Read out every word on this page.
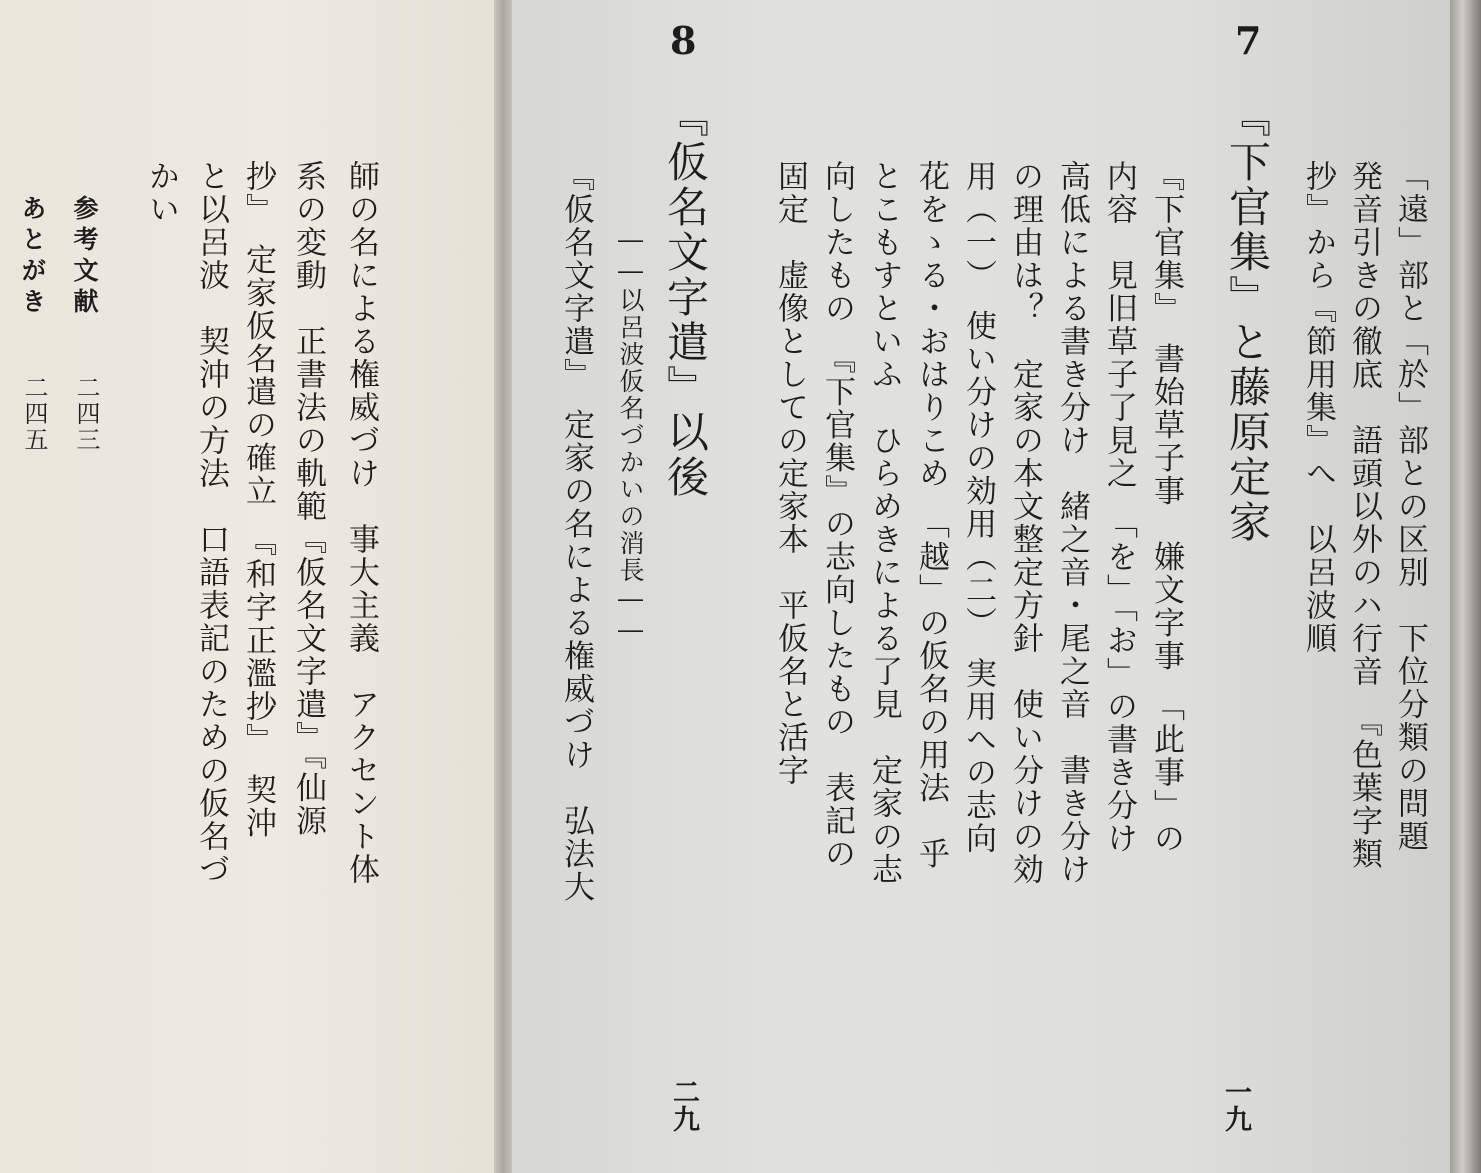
7
「遠」部と「於」部との区別　下位分類の問題
発音引きの徹底　語頭以外のハ行音　『色葉字類
抄』から『節用集』へ　以呂波順
『下官集』と藤原定家
『下官集』　書始草子事　嫌文字事　「此事」の
内容　見旧草子了見之　「を」「お」の書き分け
高低による書き分け　緒之音・尾之音　書き分け
の理由は？　定家の本文整定方針　使い分けの効
用（一）　使い分けの効用（二）　実用への志向
花をゝる・おはりこめ　「越」の仮名の用法　乎
とこもすといふ　ひらめきによる了見　定家の志
向したもの　『下官集』の志向したもの　表記の
固定　虚像としての定家本　平仮名と活字
一九
8
『仮名文字遣』以後
――以呂波仮名づかいの消長――
『仮名文字遣』　定家の名による権威づけ　弘法大
二九
師の名による権威づけ　事大主義　アクセント体
系の変動　正書法の軌範『仮名文字遣』『仙源
抄』　定家仮名遣の確立　『和字正濫抄』　契沖
と以呂波　契沖の方法　口語表記のための仮名づ
かい
参考文献
二四三
あとがき
二四五
